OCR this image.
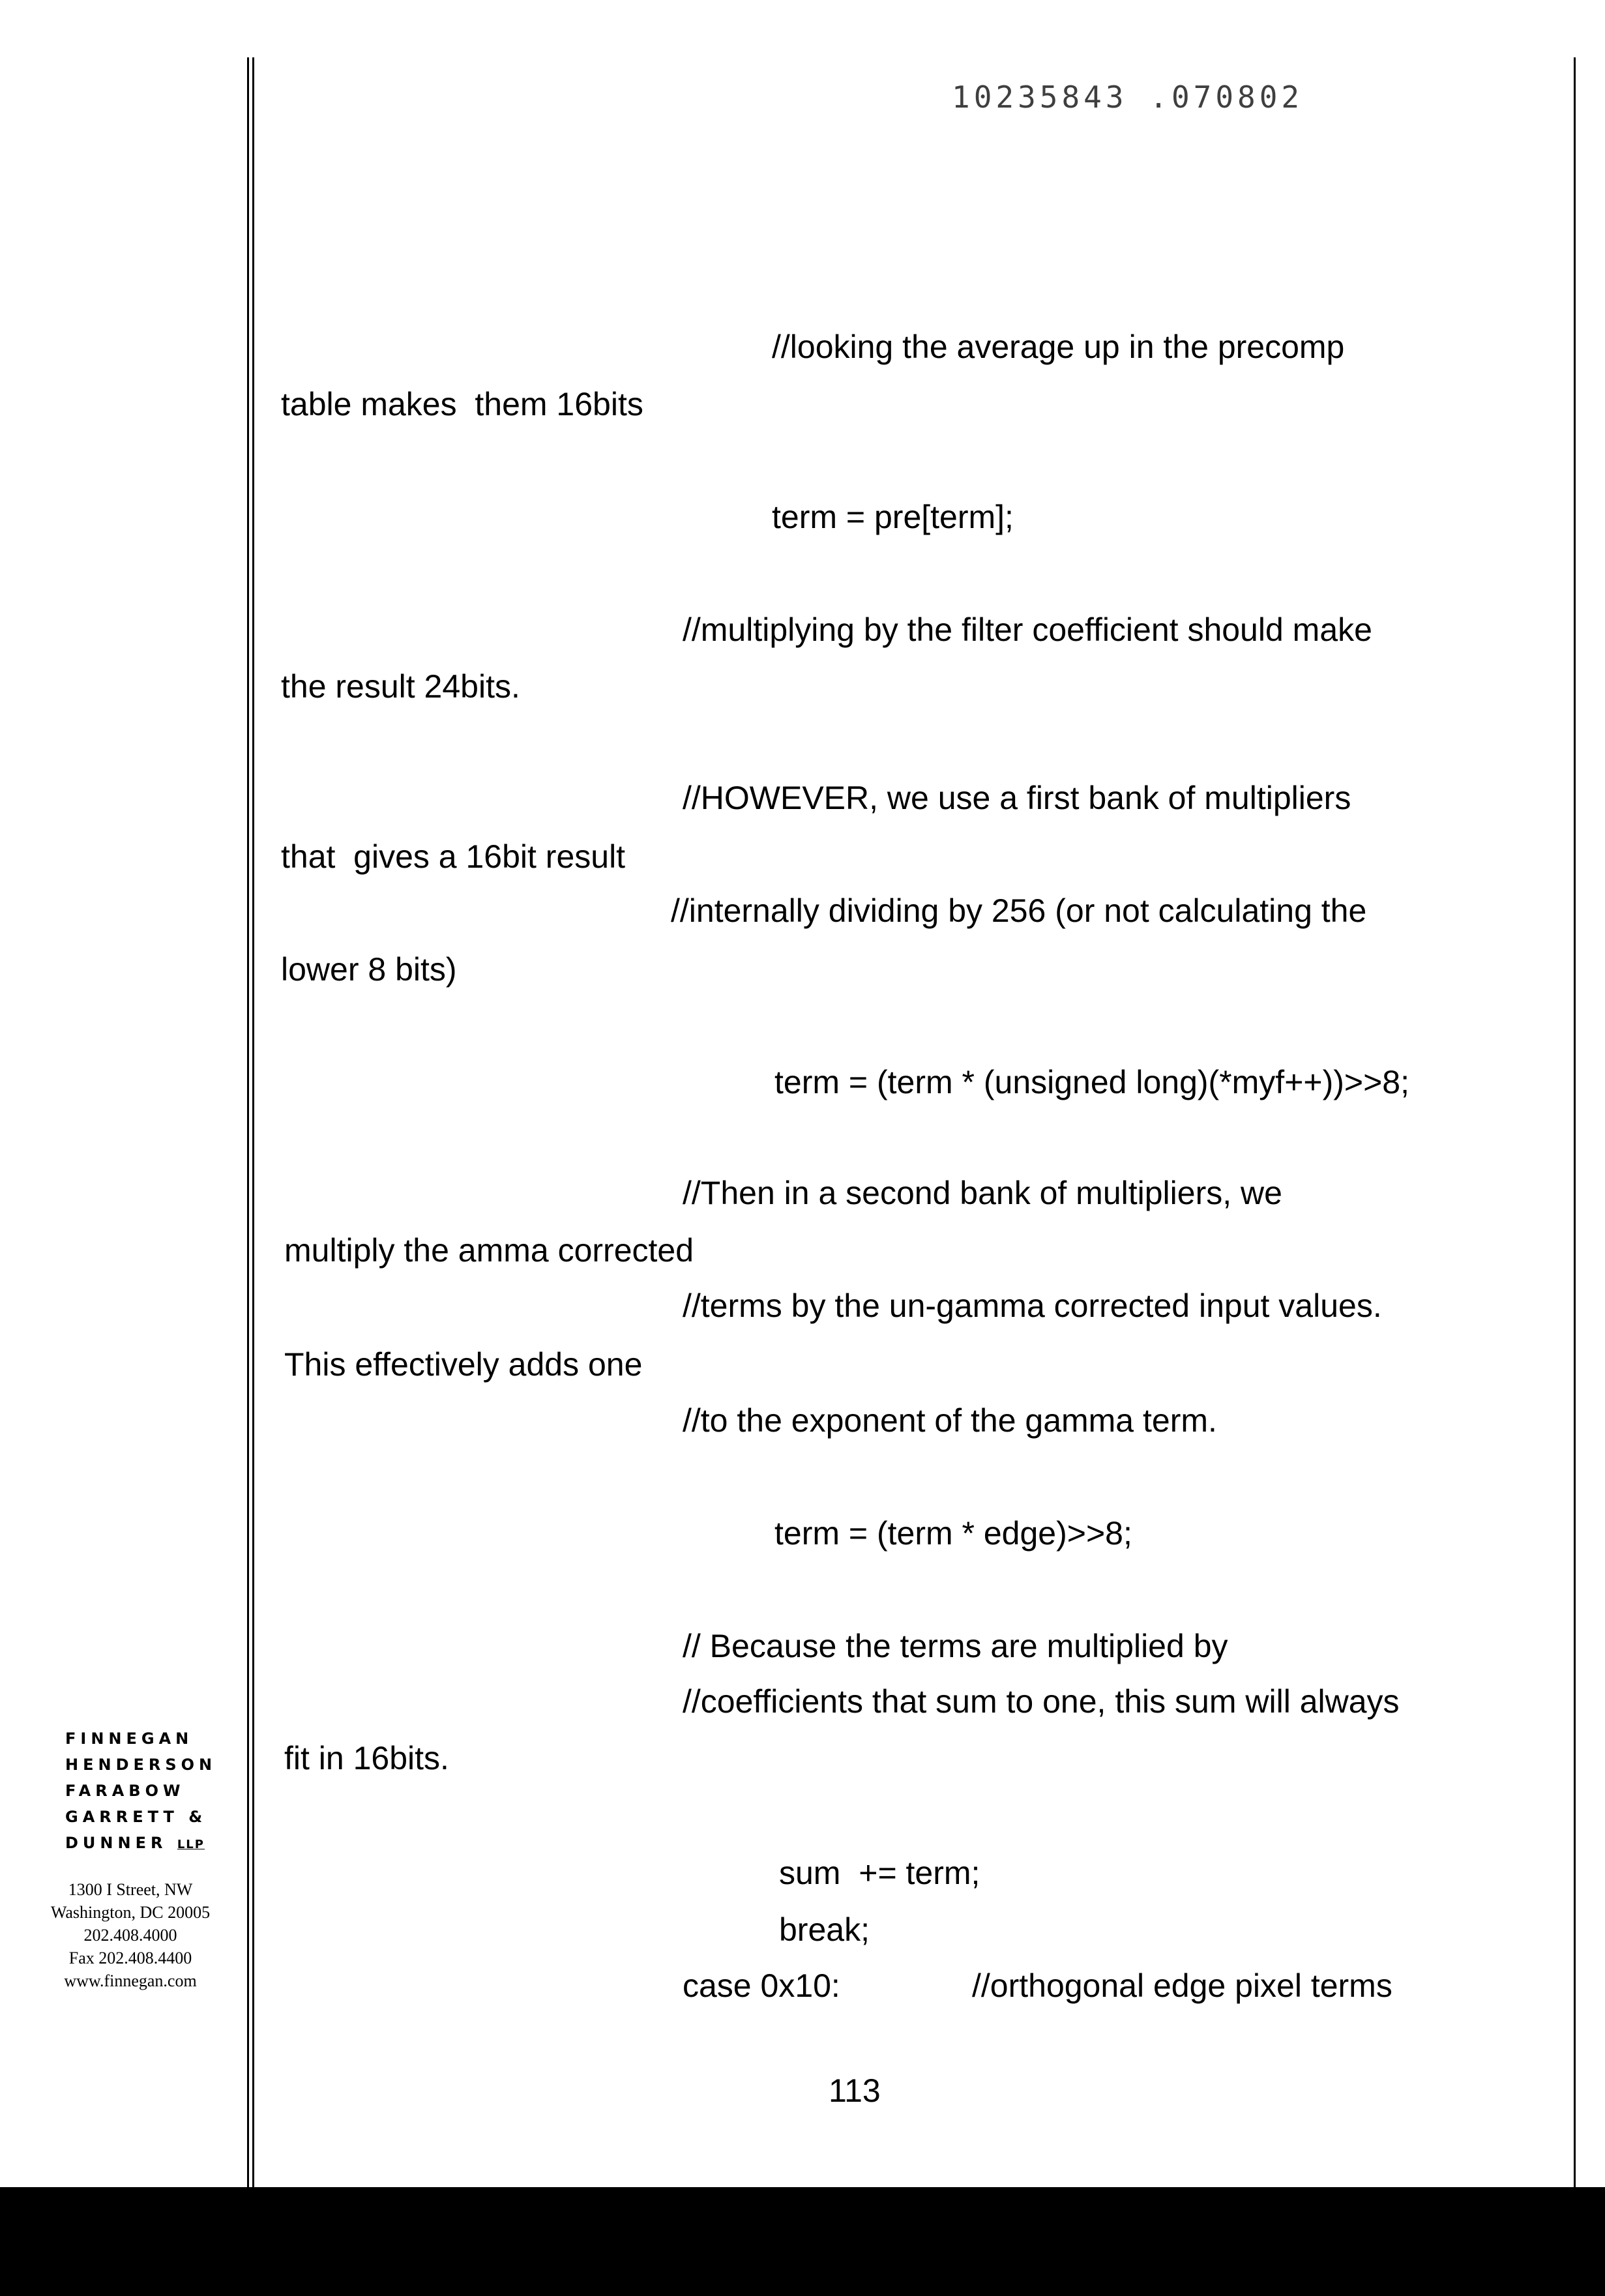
10235843 .070802
FINNEGAN
HENDERSON
FARABOW
GARRETT &
DUNNER LLP
1300 I Street, NW
Washington, DC 20005
202.408.4000
Fax 202.408.4400
www.finnegan.com
//looking the average up in the precomp
table makes  them 16bits
term = pre[term];
//multiplying by the filter coefficient should make
the result 24bits.
//HOWEVER, we use a first bank of multipliers
that  gives a 16bit result
//internally dividing by 256 (or not calculating the
lower 8 bits)
term = (term * (unsigned long)(*myf++))>>8;
//Then in a second bank of multipliers, we
multiply the amma corrected
//terms by the un-gamma corrected input values.
This effectively adds one
//to the exponent of the gamma term.
term = (term * edge)>>8;
// Because the terms are multiplied by
//coefficients that sum to one, this sum will always
fit in 16bits.
sum  += term;
break;
case 0x10:	//orthogonal edge pixel terms
113
